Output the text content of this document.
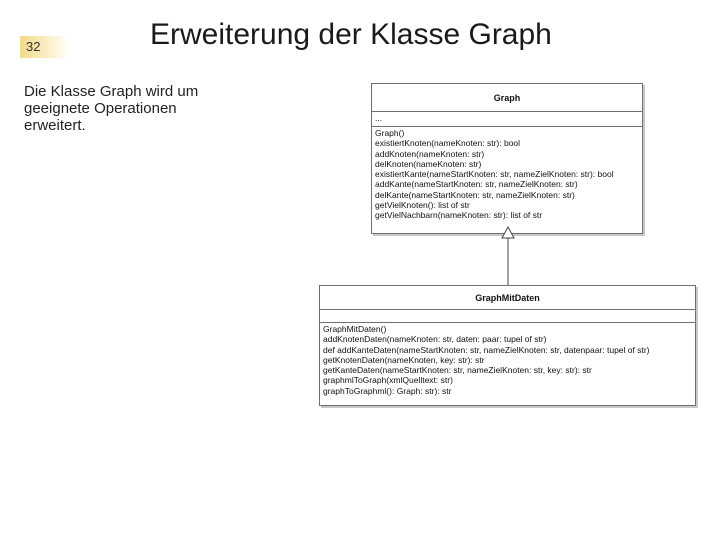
32	Erweiterung der Klasse Graph
Die Klasse Graph wird um
geeignete Operationen
erweitert.
Graph
...
Graph()
existiertKnoten(nameKnoten: str): bool
addKnoten(nameKnoten: str)
delKnoten(nameKnoten: str)
existiertKante(nameStartKnoten: str, nameZielKnoten: str): bool
addKante(nameStartKnoten: str, nameZielKnoten: str)
delKante(nameStartKnoten: str, nameZielKnoten: str)
getVielKnoten(): list of str
getVielNachbarn(nameKnoten: str): list of str
GraphMitDaten
GraphMitDaten()
addKnotenDaten(nameKnoten: str, daten: paar: tupel of str)
def addKanteDaten(nameStartKnoten: str, nameZielKnoten: str, datenpaar: tupel of str)
getKnotenDaten(nameKnoten, key: str): str
getKanteDaten(nameStartKnoten: str, nameZielKnoten: str, key: str): str
graphmlToGraph(xmlQuelltext: str)
graphToGraphml(): Graph: str): str
